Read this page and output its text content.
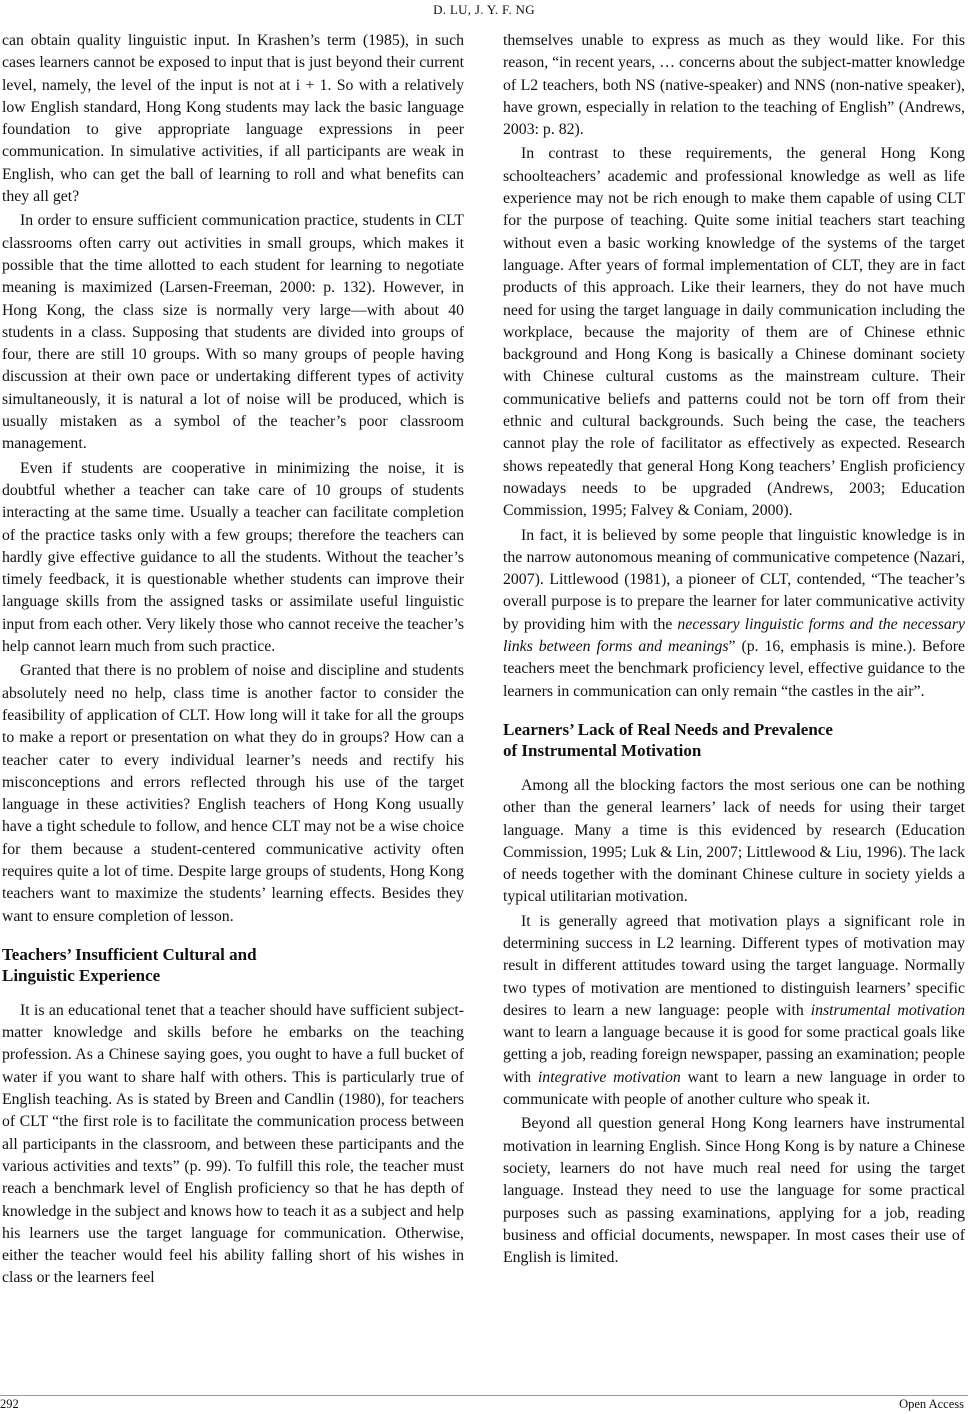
D. LU, J. Y. F. NG

can obtain quality linguistic input. In Krashen’s term (1985), in such cases learners cannot be exposed to input that is just beyond their current level, namely, the level of the input is not at i + 1. So with a relatively low English standard, Hong Kong students may lack the basic language foundation to give appropriate language expressions in peer communication. In simulative activities, if all participants are weak in English, who can get the ball of learning to roll and what benefits can they all get?

In order to ensure sufficient communication practice, students in CLT classrooms often carry out activities in small groups, which makes it possible that the time allotted to each student for learning to negotiate meaning is maximized (Larsen-Freeman, 2000: p. 132). However, in Hong Kong, the class size is normally very large—with about 40 students in a class. Supposing that students are divided into groups of four, there are still 10 groups. With so many groups of people having discussion at their own pace or undertaking different types of activity simultaneously, it is natural a lot of noise will be produced, which is usually mistaken as a symbol of the teacher’s poor classroom management.

Even if students are cooperative in minimizing the noise, it is doubtful whether a teacher can take care of 10 groups of students interacting at the same time. Usually a teacher can facilitate completion of the practice tasks only with a few groups; therefore the teachers can hardly give effective guidance to all the students. Without the teacher’s timely feedback, it is questionable whether students can improve their language skills from the assigned tasks or assimilate useful linguistic input from each other. Very likely those who cannot receive the teacher’s help cannot learn much from such practice.

Granted that there is no problem of noise and discipline and students absolutely need no help, class time is another factor to consider the feasibility of application of CLT. How long will it take for all the groups to make a report or presentation on what they do in groups? How can a teacher cater to every individual learner’s needs and rectify his misconceptions and errors reflected through his use of the target language in these activities? English teachers of Hong Kong usually have a tight schedule to follow, and hence CLT may not be a wise choice for them because a student-centered communicative activity often requires quite a lot of time. Despite large groups of students, Hong Kong teachers want to maximize the students’ learning effects. Besides they want to ensure completion of lesson.

Teachers’ Insufficient Cultural and
Linguistic Experience

It is an educational tenet that a teacher should have sufficient subject-matter knowledge and skills before he embarks on the teaching profession. As a Chinese saying goes, you ought to have a full bucket of water if you want to share half with others. This is particularly true of English teaching. As is stated by Breen and Candlin (1980), for teachers of CLT “the first role is to facilitate the communication process between all participants in the classroom, and between these participants and the various activities and texts” (p. 99). To fulfill this role, the teacher must reach a benchmark level of English proficiency so that he has depth of knowledge in the subject and knows how to teach it as a subject and help his learners use the target language for communication. Otherwise, either the teacher would feel his ability falling short of his wishes in class or the learners feel

themselves unable to express as much as they would like. For this reason, “in recent years, … concerns about the subject-matter knowledge of L2 teachers, both NS (native-speaker) and NNS (non-native speaker), have grown, especially in relation to the teaching of English” (Andrews, 2003: p. 82).

In contrast to these requirements, the general Hong Kong schoolteachers’ academic and professional knowledge as well as life experience may not be rich enough to make them capable of using CLT for the purpose of teaching. Quite some initial teachers start teaching without even a basic working knowledge of the systems of the target language. After years of formal implementation of CLT, they are in fact products of this approach. Like their learners, they do not have much need for using the target language in daily communication including the workplace, because the majority of them are of Chinese ethnic background and Hong Kong is basically a Chinese dominant society with Chinese cultural customs as the mainstream culture. Their communicative beliefs and patterns could not be torn off from their ethnic and cultural backgrounds. Such being the case, the teachers cannot play the role of facilitator as effectively as expected. Research shows repeatedly that general Hong Kong teachers’ English proficiency nowadays needs to be upgraded (Andrews, 2003; Education Commission, 1995; Falvey & Coniam, 2000).

In fact, it is believed by some people that linguistic knowledge is in the narrow autonomous meaning of communicative competence (Nazari, 2007). Littlewood (1981), a pioneer of CLT, contended, “The teacher’s overall purpose is to prepare the learner for later communicative activity by providing him with the necessary linguistic forms and the necessary links between forms and meanings” (p. 16, emphasis is mine.). Before teachers meet the benchmark proficiency level, effective guidance to the learners in communication can only remain “the castles in the air”.

Learners’ Lack of Real Needs and Prevalence
of Instrumental Motivation

Among all the blocking factors the most serious one can be nothing other than the general learners’ lack of needs for using their target language. Many a time is this evidenced by research (Education Commission, 1995; Luk & Lin, 2007; Littlewood & Liu, 1996). The lack of needs together with the dominant Chinese culture in society yields a typical utilitarian motivation.

It is generally agreed that motivation plays a significant role in determining success in L2 learning. Different types of motivation may result in different attitudes toward using the target language. Normally two types of motivation are mentioned to distinguish learners’ specific desires to learn a new language: people with instrumental motivation want to learn a language because it is good for some practical goals like getting a job, reading foreign newspaper, passing an examination; people with integrative motivation want to learn a new language in order to communicate with people of another culture who speak it.

Beyond all question general Hong Kong learners have instrumental motivation in learning English. Since Hong Kong is by nature a Chinese society, learners do not have much real need for using the target language. Instead they need to use the language for some practical purposes such as passing examinations, applying for a job, reading business and official documents, newspaper. In most cases their use of English is limited.

292	Open Access
